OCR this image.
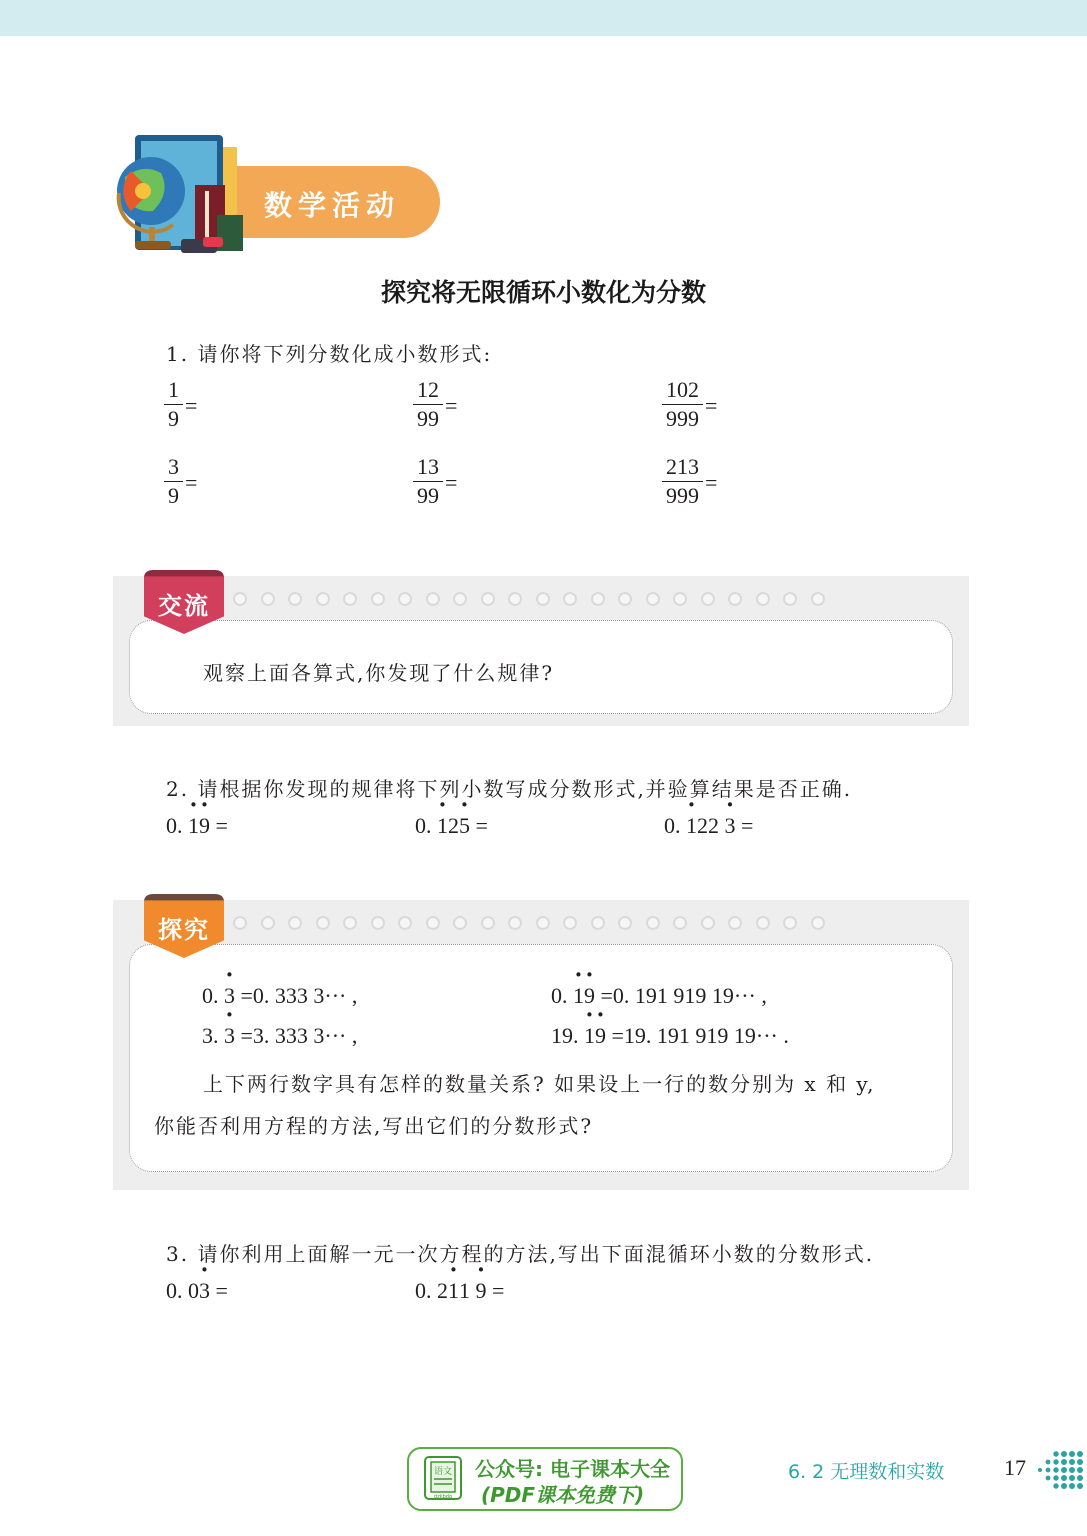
数学活动
探究将无限循环小数化为分数
1. 请你将下列分数化成小数形式:
$\frac{1}{9}$ =	$\frac{12}{99}$ =	$\frac{102}{999}$ =
$\frac{3}{9}$ =	$\frac{13}{99}$ =	$\frac{213}{999}$ =
交流
观察上面各算式,你发现了什么规律?
2. 请根据你发现的规律将下列小数写成分数形式,并验算结果是否正确.
0. · 1· 9 =	0. · 12· 5 =	0. · 122 · 3 =
探究
0. · 3 =0. 333 3··· ,	0. · 1· 9 =0. 191 919 19··· ,
3. · 3 =3. 333 3··· ,	19. · 1· 9 =19. 191 919 19··· .
上下两行数字具有怎样的数量关系? 如果设上一行的数分别为 x 和 y,
你能否利用方程的方法,写出它们的分数形式?
3. 请你利用上面解一元一次方程的方法,写出下面混循环小数的分数形式.
0. 0· 3 =	0. 2· 11 · 9 =
语文
dzkbdq
公众号: 电子课本大全
(PDF课本免费下)
6. 2 无理数和实数	17
